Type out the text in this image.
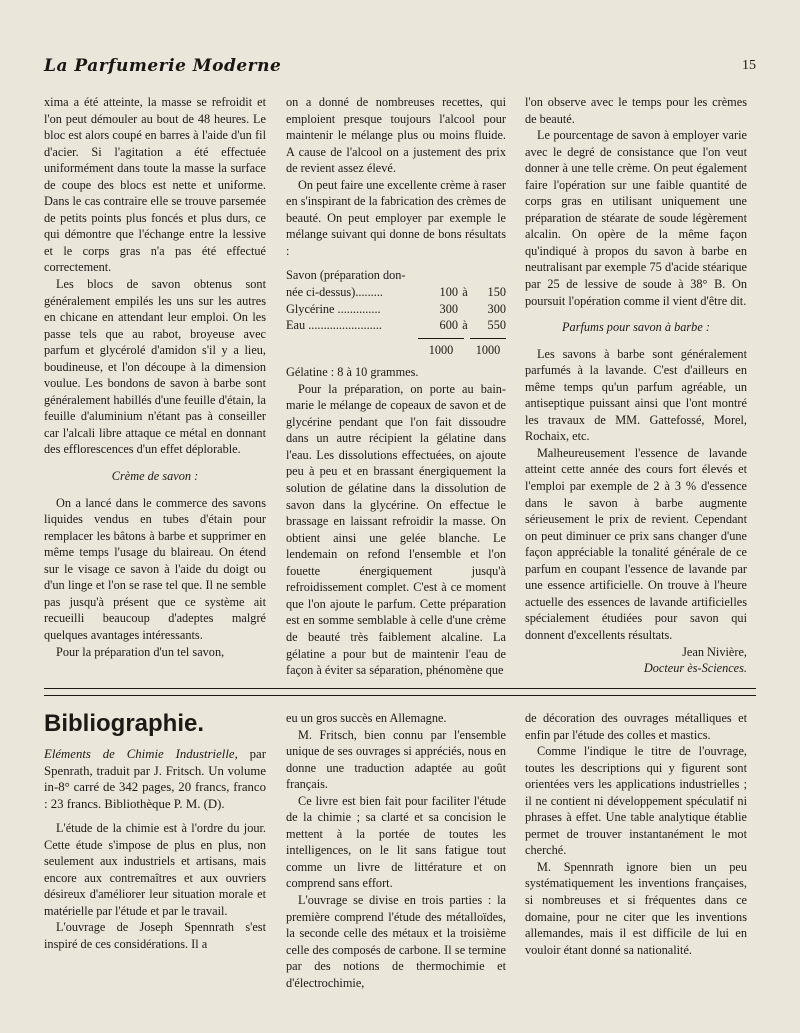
La Parfumerie Moderne	15

xima a été atteinte, la masse se refroidit et l'on peut démouler au bout de 48 heures. Le bloc est alors coupé en barres à l'aide d'un fil d'acier. Si l'agitation a été effectuée uniformément dans toute la masse la surface de coupe des blocs est nette et uniforme. Dans le cas contraire elle se trouve parsemée de petits points plus foncés et plus durs, ce qui démontre que l'échange entre la lessive et le corps gras n'a pas été effectué correctement.

Les blocs de savon obtenus sont généralement empilés les uns sur les autres en chicane en attendant leur emploi. On les passe tels que au rabot, broyeuse avec parfum et glycérolé d'amidon s'il y a lieu, boudineuse, et l'on découpe à la dimension voulue. Les bondons de savon à barbe sont généralement habillés d'une feuille d'étain, la feuille d'aluminium n'étant pas à conseiller car l'alcali libre attaque ce métal en donnant des efflorescences d'un effet déplorable.

Crème de savon :

On a lancé dans le commerce des savons liquides vendus en tubes d'étain pour remplacer les bâtons à barbe et supprimer en même temps l'usage du blaireau. On étend sur le visage ce savon à l'aide du doigt ou d'un linge et l'on se rase tel que. Il ne semble pas jusqu'à présent que ce système ait recueilli beaucoup d'adeptes malgré quelques avantages intéressants.

Pour la préparation d'un tel savon,

on a donné de nombreuses recettes, qui emploient presque toujours l'alcool pour maintenir le mélange plus ou moins fluide. A cause de l'alcool on a justement des prix de revient assez élevé.

On peut faire une excellente crème à raser en s'inspirant de la fabrication des crèmes de beauté. On peut employer par exemple le mélange suivant qui donne de bons résultats :

Savon (préparation don-
née ci-dessus).........	100 à	150
Glycérine ..............	300	300
Eau ........................	600 à	550
1000	1000

Gélatine : 8 à 10 grammes.

Pour la préparation, on porte au bain-marie le mélange de copeaux de savon et de glycérine pendant que l'on fait dissoudre dans un autre récipient la gélatine dans l'eau. Les dissolutions effectuées, on ajoute peu à peu et en brassant énergiquement la solution de gélatine dans la dissolution de savon dans la glycérine. On effectue le brassage en laissant refroidir la masse. On obtient ainsi une gelée blanche. Le lendemain on refond l'ensemble et l'on fouette énergiquement jusqu'à refroidissement complet. C'est à ce moment que l'on ajoute le parfum. Cette préparation est en somme semblable à celle d'une crème de beauté très faiblement alcaline. La gélatine a pour but de maintenir l'eau de façon à éviter sa séparation, phénomène que

l'on observe avec le temps pour les crèmes de beauté.

Le pourcentage de savon à employer varie avec le degré de consistance que l'on veut donner à une telle crème. On peut également faire l'opération sur une faible quantité de corps gras en utilisant uniquement une préparation de stéarate de soude légèrement alcalin. On opère de la même façon qu'indiqué à propos du savon à barbe en neutralisant par exemple 75 d'acide stéarique par 25 de lessive de soude à 38° B. On poursuit l'opération comme il vient d'être dit.

Parfums pour savon à barbe :

Les savons à barbe sont généralement parfumés à la lavande. C'est d'ailleurs en même temps qu'un parfum agréable, un antiseptique puissant ainsi que l'ont montré les travaux de MM. Gattefossé, Morel, Rochaix, etc.

Malheureusement l'essence de lavande atteint cette année des cours fort élevés et l'emploi par exemple de 2 à 3 % d'essence dans le savon à barbe augmente sérieusement le prix de revient. Cependant on peut diminuer ce prix sans changer d'une façon appréciable la tonalité générale de ce parfum en coupant l'essence de lavande par une essence artificielle. On trouve à l'heure actuelle des essences de lavande artificielles spécialement étudiées pour savon qui donnent d'excellents résultats.

Jean Nivière,

Docteur ès-Sciences.

Bibliographie.
Eléments de Chimie Industrielle, par Spenrath, traduit par J. Fritsch. Un volume in-8° carré de 342 pages, 20 francs, franco : 23 francs. Bibliothèque P. M. (D).

L'étude de la chimie est à l'ordre du jour. Cette étude s'impose de plus en plus, non seulement aux industriels et artisans, mais encore aux contremaîtres et aux ouvriers désireux d'améliorer leur situation morale et matérielle par l'étude et par le travail.

L'ouvrage de Joseph Spennrath s'est inspiré de ces considérations. Il a

eu un gros succès en Allemagne.

M. Fritsch, bien connu par l'ensemble unique de ses ouvrages si appréciés, nous en donne une traduction adaptée au goût français.

Ce livre est bien fait pour faciliter l'étude de la chimie ; sa clarté et sa concision le mettent à la portée de toutes les intelligences, on le lit sans fatigue tout comme un livre de littérature et on comprend sans effort.

L'ouvrage se divise en trois parties : la première comprend l'étude des métalloïdes, la seconde celle des métaux et la troisième celle des composés de carbone. Il se termine par des notions de thermochimie et d'électrochimie,

de décoration des ouvrages métalliques et enfin par l'étude des colles et mastics.

Comme l'indique le titre de l'ouvrage, toutes les descriptions qui y figurent sont orientées vers les applications industrielles ; il ne contient ni développement spéculatif ni phrases à effet. Une table analytique établie permet de trouver instantanément le mot cherché.

M. Spennrath ignore bien un peu systématiquement les inventions françaises, si nombreuses et si fréquentes dans ce domaine, pour ne citer que les inventions allemandes, mais il est difficile de lui en vouloir étant donné sa nationalité.
